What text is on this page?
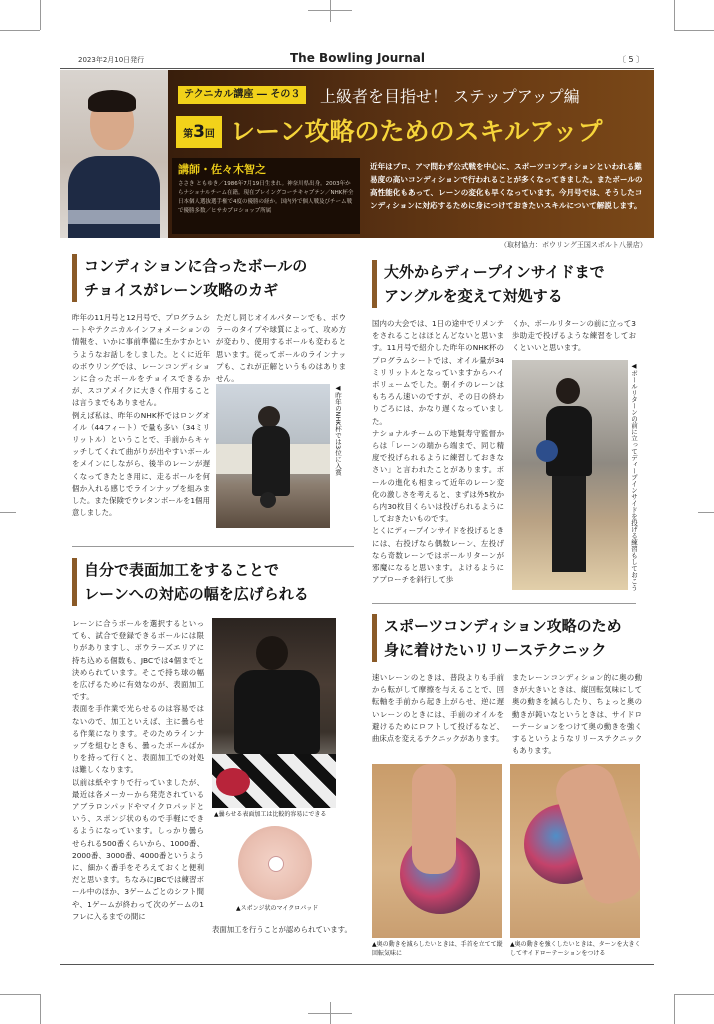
2023年2月10日発行	The Bowling Journal	〔 5 〕
テクニカル講座 ― その３	上級者を目指せ！ ステップアップ編
第3回 レーン攻略のためのスキルアップ
講師・佐々木智之
ささき ともゆき／1986年7月19日生まれ。神奈川県出身。2003年からナショナルチーム在籍。現在プレイングコーチキャプテン／NHK杯全日本個人選抜選手権で4度の優勝の経か。国内外で個人戦及びチーム戦で優勝多数／ヒサカプロショップ所属
近年はプロ、アマ問わず公式戦を中心に、スポーツコンディションといわれる難易度の高いコンディションで行われることが多くなってきました。またボールの高性能化もあって、レーンの変化も早くなっています。今月号では、そうしたコンディションに対応するために身につけておきたいスキルについて解説します。
（取材協力：ボウリング王国スポルト八景店）
コンディションに合ったボールの
チョイスがレーン攻略のカギ
昨年の11月号と12月号で、プログラムシートやテクニカルインフォメーションの情報を、いかに事前準備に生かすかというようなお話しをしました。とくに近年のボウリングでは、レーンコンディションに合ったボールをチョイスできるかが、スコアメイクに大きく作用することは言うまでもありません。
例えば私は、昨年のNHK杯ではロングオイル（44フィート）で量も多い（34ミリリットル）ということで、手前からキャッチしてくれて曲がりが出やすいボールをメインにしながら、後半のレーンが遅くなってきたとき用に、走るボールを何個か入れる感じでラインナップを組みました。また保険でウレタンボールを1個用意しました。
ただし同じオイルパターンでも、ボウラーのタイプや球質によって、攻め方が変わり、使用するボールも変わると思います。従ってボールのラインナップも、これが正解というものはありません。
◀昨年のNHK杯では3位に入賞
自分で表面加工をすることで
レーンへの対応の幅を広げられる
レーンに合うボールを選択するといっても、試合で登録できるボールには限りがありますし、ボウラーズエリアに持ち込める個数も、JBCでは4個までと決められています。そこで持ち球の幅を広げるために有効なのが、表面加工です。
表面を手作業で光らせるのは容易ではないので、加工といえば、主に曇らせる作業になります。そのためラインナップを組むときも、曇ったボールばかりを持って行くと、表面加工での対処は難しくなります。
以前は紙やすりで行っていましたが、最近は各メーカーから発売されているアブラロンパッドやマイクロパッドという、スポンジ状のもので手軽にできるようになっています。しっかり曇らせられる500番くらいから、1000番、2000番、3000番、4000番というように、細かく番手をそろえておくと便利だと思います。ちなみにJBCでは練習ボール中のほか、3ゲームごとのシフト間や、1ゲームが終わって次のゲームの1フレに入るまでの間に
▲曇らせる表面加工は比較的容易にできる
▲スポンジ状のマイクロパッド
表面加工を行うことが認められています。
大外からディープインサイドまで
アングルを変えて対処する
国内の大会では、1日の途中でリメンテをされることはほとんどないと思います。11月号で紹介した昨年のNHK杯のプログラムシートでは、オイル量が34ミリリットルとなっていますからハイボリュームでした。朝イチのレーンはもちろん速いのですが、その日の終わりごろには、かなり遅くなっていました。
ナショナルチームの下地賢寿守監督からは「レーンの端から端まで、同じ精度で投げられるように練習しておきなさい」と言われたことがあります。ボールの進化も相まって近年のレーン変化の激しさを考えると、まずは外5枚から内30枚目くらいは投げられるようにしておきたいものです。
とくにディープインサイドを投げるときには、右投げなら偶数レーン、左投げなら奇数レーンではボールリターンが邪魔になると思います。よけるようにアプローチを斜行して歩
くか、ボールリターンの前に立って3歩助走で投げるような練習をしておくといいと思います。
◀ボールリターンの前に立ってディープインサイドを投げる練習もしておこう
スポーツコンディション攻略のため
身に着けたいリリーステクニック
速いレーンのときは、普段よりも手前から転がして摩擦を与えることで、回転軸を手前から起き上がらせ、逆に遅いレーンのときには、手前のオイルを避けるためにロフトして投げるなど、曲床点を変えるテクニックがあります。
またレーンコンディション的に奥の動きが大きいときは、縦回転気味にして奥の動きを減らしたり、ちょっと奥の動きが鈍いなというときは、サイドローテーションをつけて奥の動きを強くするというようなリリーステクニックもあります。
▲奥の動きを減らしたいときは、手首を立てて縦回転気味に
▲奥の動きを強くしたいときは、ターンを大きくしてサイドローテーションをつける
